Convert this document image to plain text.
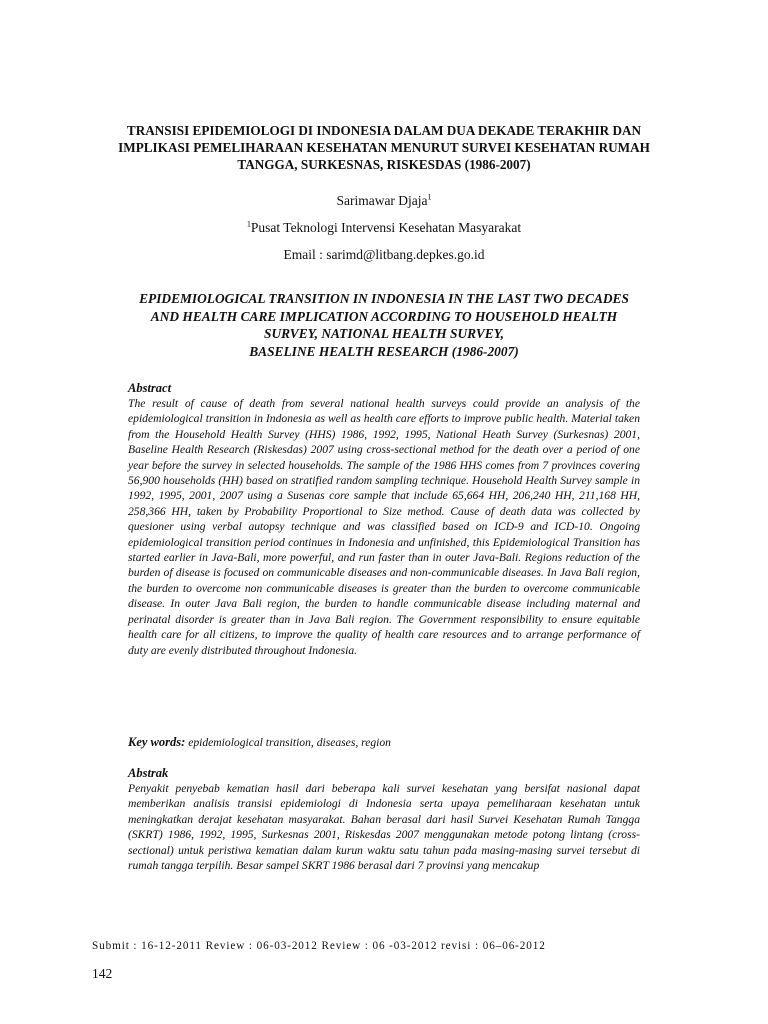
TRANSISI EPIDEMIOLOGI DI INDONESIA DALAM DUA DEKADE TERAKHIR DAN IMPLIKASI PEMELIHARAAN KESEHATAN MENURUT SURVEI KESEHATAN RUMAH TANGGA, SURKESNAS, RISKESDAS (1986-2007)
Sarimawar Djaja$^1$
$^1$Pusat Teknologi Intervensi Kesehatan Masyarakat
Email : sarimd@litbang.depkes.go.id
EPIDEMIOLOGICAL TRANSITION IN INDONESIA IN THE LAST TWO DECADES
AND HEALTH CARE IMPLICATION ACCORDING TO HOUSEHOLD HEALTH
SURVEY, NATIONAL HEALTH SURVEY,
BASELINE HEALTH RESEARCH (1986-2007)

Abstract

The result of cause of death from several national health surveys could provide an analysis of the epidemiological transition in Indonesia as well as health care efforts to improve public health. Material taken from the Household Health Survey (HHS) 1986, 1992, 1995, National Heath Survey (Surkesnas) 2001, Baseline Health Research (Riskesdas) 2007 using cross-sectional method for the death over a period of one year before the survey in selected households. The sample of the 1986 HHS comes from 7 provinces covering 56,900 households (HH) based on stratified random sampling technique. Household Health Survey sample in 1992, 1995, 2001, 2007 using a Susenas core sample that include 65,664 HH, 206,240 HH, 211,168 HH, 258,366 HH, taken by Probability Proportional to Size method. Cause of death data was collected by quesioner using verbal autopsy technique and was classified based on ICD-9 and ICD-10. Ongoing epidemiological transition period continues in Indonesia and unfinished, this Epidemiological Transition has started earlier in Java-Bali, more powerful, and run faster than in outer Java-Bali. Regions reduction of the burden of disease is focused on communicable diseases and non-communicable diseases. In Java Bali region, the burden to overcome non communicable diseases is greater than the burden to overcome communicable disease. In outer Java Bali region, the burden to handle communicable disease including maternal and perinatal disorder is greater than in Java Bali region. The Government responsibility to ensure equitable health care for all citizens, to improve the quality of health care resources and to arrange performance of duty are evenly distributed throughout Indonesia.

Key words: epidemiological transition, diseases, region

Abstrak

Penyakit penyebab kematian hasil dari beberapa kali survei kesehatan yang bersifat nasional dapat memberikan analisis transisi epidemiologi di Indonesia serta upaya pemeliharaan kesehatan untuk meningkatkan derajat kesehatan masyarakat. Bahan berasal dari hasil Survei Kesehatan Rumah Tangga (SKRT) 1986, 1992, 1995, Surkesnas 2001, Riskesdas 2007 menggunakan metode potong lintang (cross-sectional) untuk peristiwa kematian dalam kurun waktu satu tahun pada masing-masing survei tersebut di rumah tangga terpilih. Besar sampel SKRT 1986 berasal dari 7 provinsi yang mencakup

Submit : 16-12-2011 Review : 06-03-2012 Review : 06 -03-2012 revisi : 06–06-2012
142
